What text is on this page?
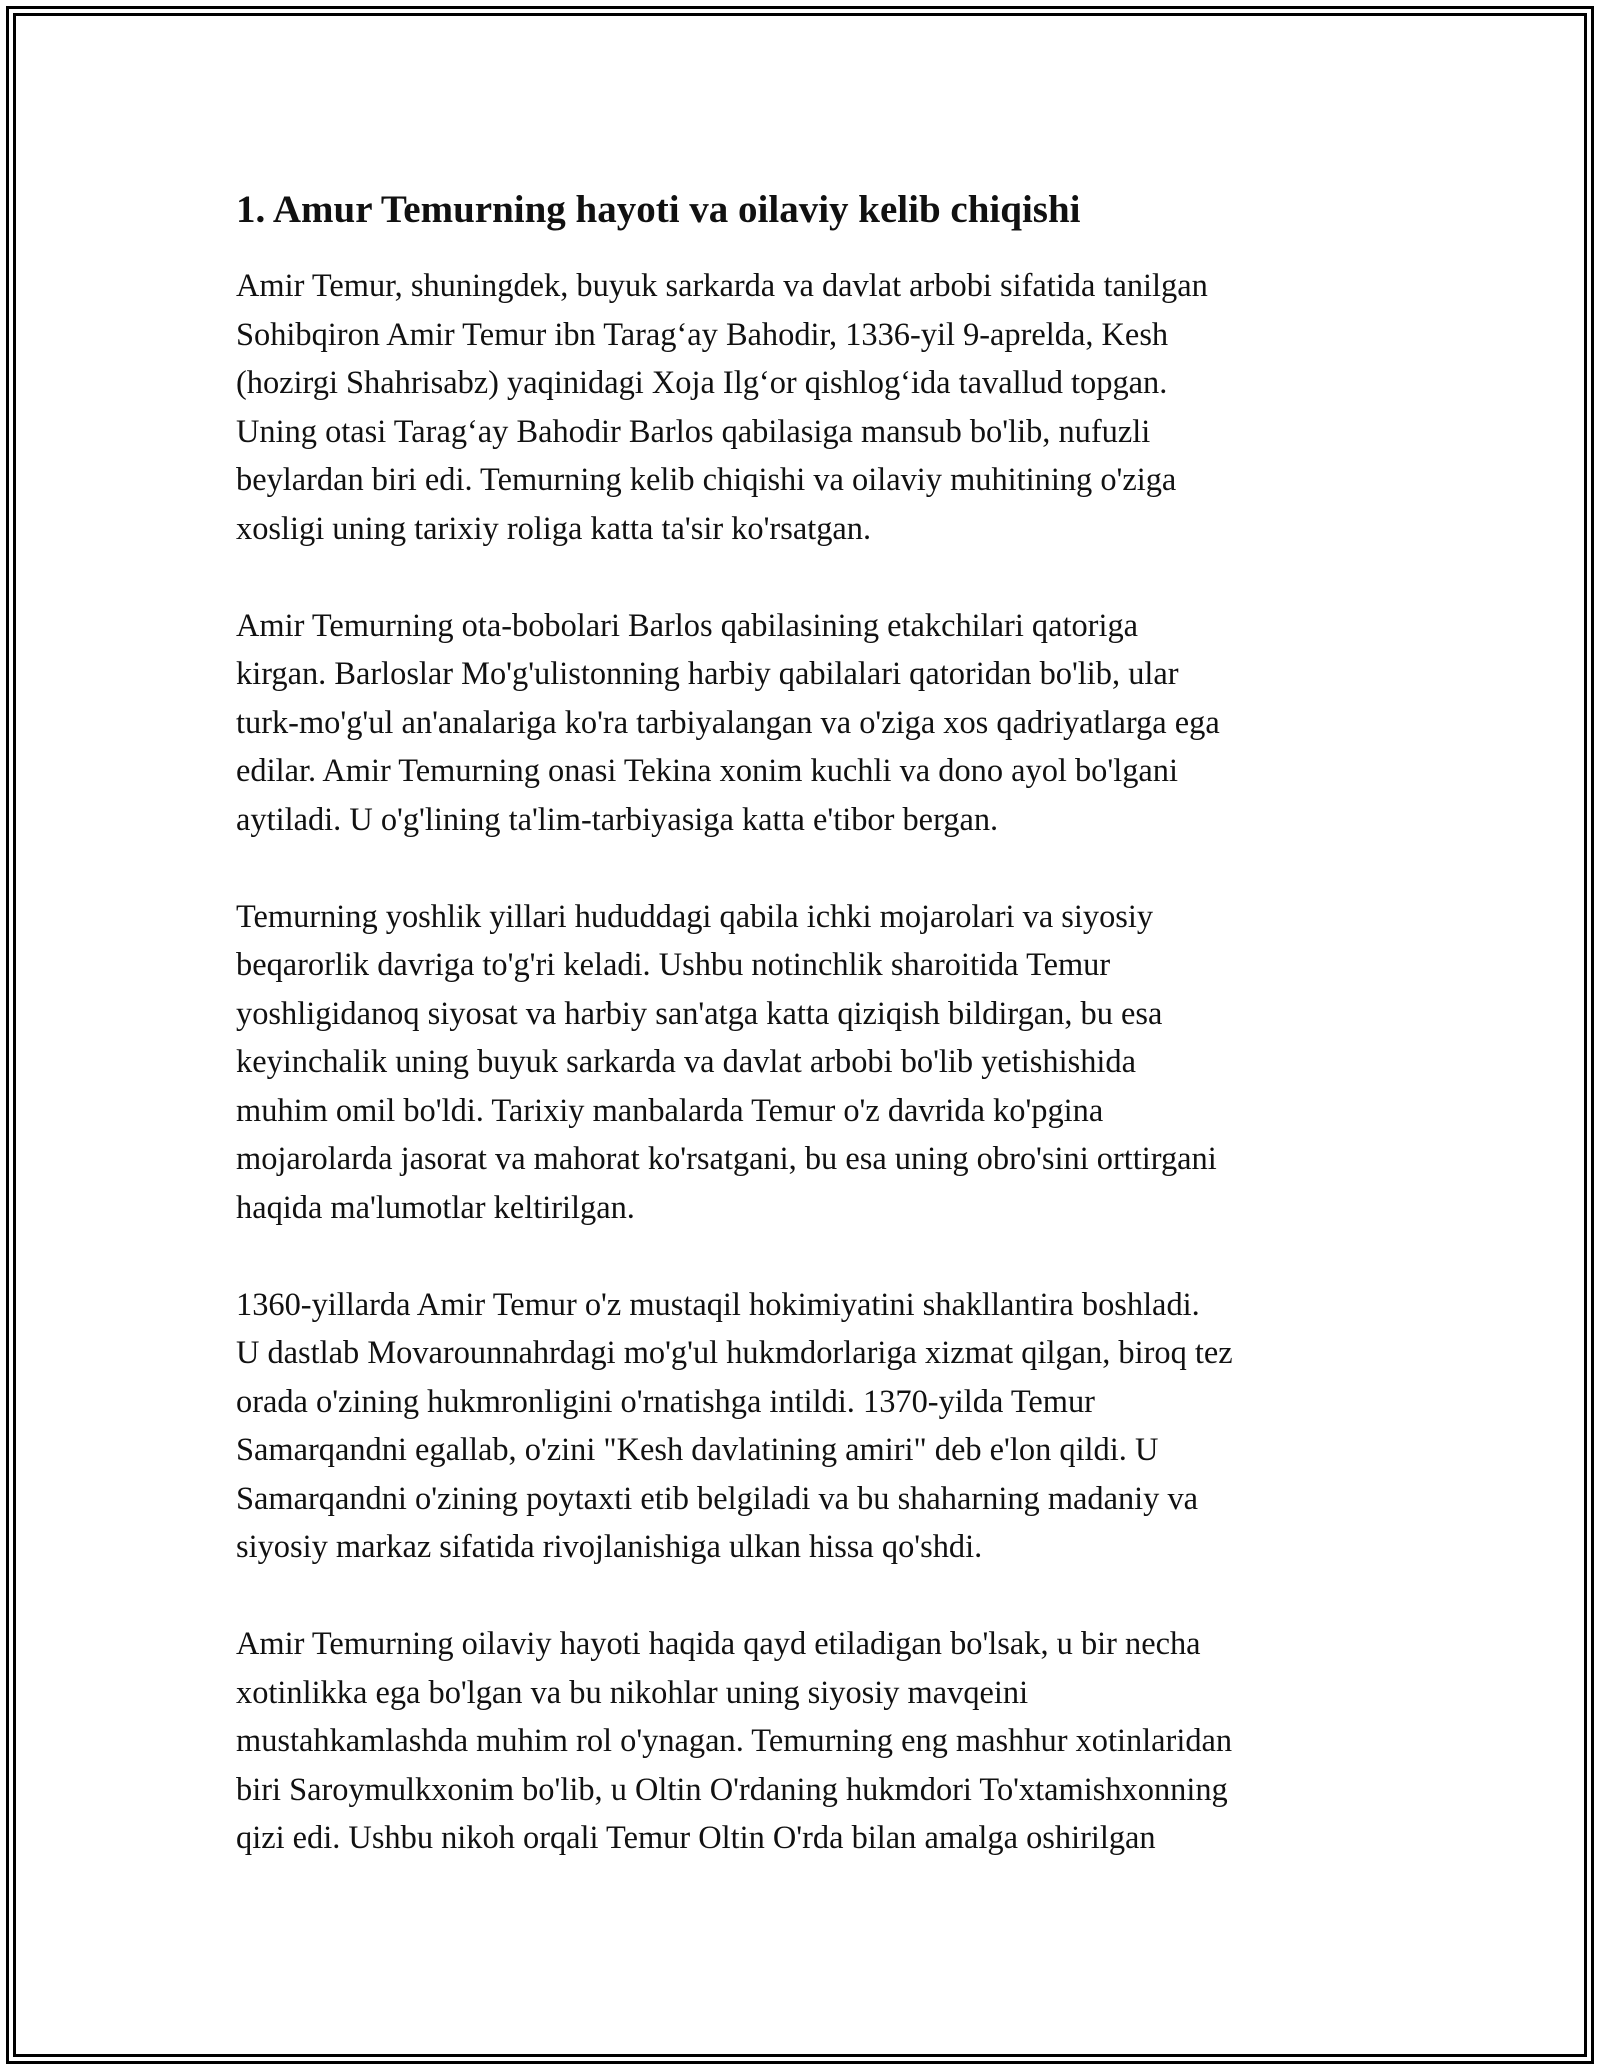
1. Amur Temurning hayoti va oilaviy kelib chiqishi

Amir Temur, shuningdek, buyuk sarkarda va davlat arbobi sifatida tanilgan
Sohibqiron Amir Temur ibn Tarag‘ay Bahodir, 1336-yil 9-aprelda, Kesh
(hozirgi Shahrisabz) yaqinidagi Xoja Ilg‘or qishlog‘ida tavallud topgan.
Uning otasi Tarag‘ay Bahodir Barlos qabilasiga mansub bo'lib, nufuzli
beylardan biri edi. Temurning kelib chiqishi va oilaviy muhitining o'ziga
xosligi uning tarixiy roliga katta ta'sir ko'rsatgan.

Amir Temurning ota-bobolari Barlos qabilasining etakchilari qatoriga
kirgan. Barloslar Mo'g'ulistonning harbiy qabilalari qatoridan bo'lib, ular
turk-mo'g'ul an'analariga ko'ra tarbiyalangan va o'ziga xos qadriyatlarga ega
edilar. Amir Temurning onasi Tekina xonim kuchli va dono ayol bo'lgani
aytiladi. U o'g'lining ta'lim-tarbiyasiga katta e'tibor bergan.

Temurning yoshlik yillari hududdagi qabila ichki mojarolari va siyosiy
beqarorlik davriga to'g'ri keladi. Ushbu notinchlik sharoitida Temur
yoshligidanoq siyosat va harbiy san'atga katta qiziqish bildirgan, bu esa
keyinchalik uning buyuk sarkarda va davlat arbobi bo'lib yetishishida
muhim omil bo'ldi. Tarixiy manbalarda Temur o'z davrida ko'pgina
mojarolarda jasorat va mahorat ko'rsatgani, bu esa uning obro'sini orttirgani
haqida ma'lumotlar keltirilgan.

1360-yillarda Amir Temur o'z mustaqil hokimiyatini shakllantira boshladi.
U dastlab Movarounnahrdagi mo'g'ul hukmdorlariga xizmat qilgan, biroq tez
orada o'zining hukmronligini o'rnatishga intildi. 1370-yilda Temur
Samarqandni egallab, o'zini "Kesh davlatining amiri" deb e'lon qildi. U
Samarqandni o'zining poytaxti etib belgiladi va bu shaharning madaniy va
siyosiy markaz sifatida rivojlanishiga ulkan hissa qo'shdi.

Amir Temurning oilaviy hayoti haqida qayd etiladigan bo'lsak, u bir necha
xotinlikka ega bo'lgan va bu nikohlar uning siyosiy mavqeini
mustahkamlashda muhim rol o'ynagan. Temurning eng mashhur xotinlaridan
biri Saroymulkxonim bo'lib, u Oltin O'rdaning hukmdori To'xtamishxonning
qizi edi. Ushbu nikoh orqali Temur Oltin O'rda bilan amalga oshirilgan
